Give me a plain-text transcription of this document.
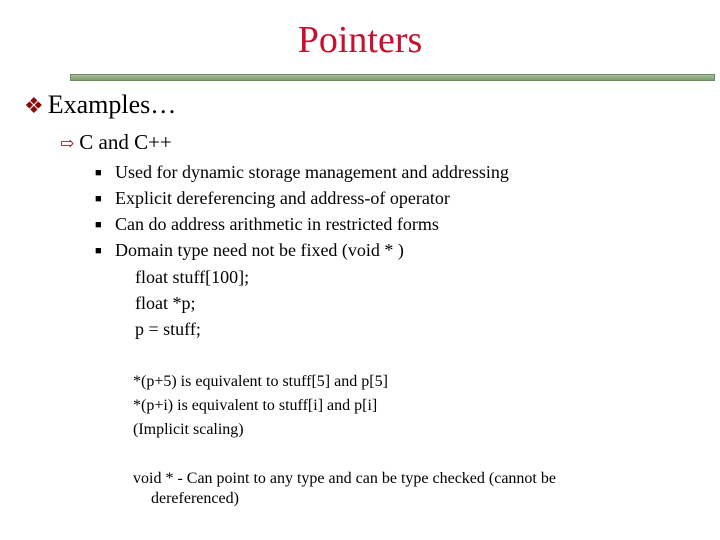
Pointers
❖ Examples…
⇨ C and C++
■ Used for dynamic storage management and addressing
■ Explicit dereferencing and address-of operator
■ Can do address arithmetic in restricted forms
■ Domain type need not be fixed (void * )
float stuff[100];
float *p;
p = stuff;
*(p+5) is equivalent to stuff[5] and p[5]
*(p+i) is equivalent to stuff[i] and p[i]
(Implicit scaling)
void * - Can point to any type and can be type checked (cannot be
dereferenced)
